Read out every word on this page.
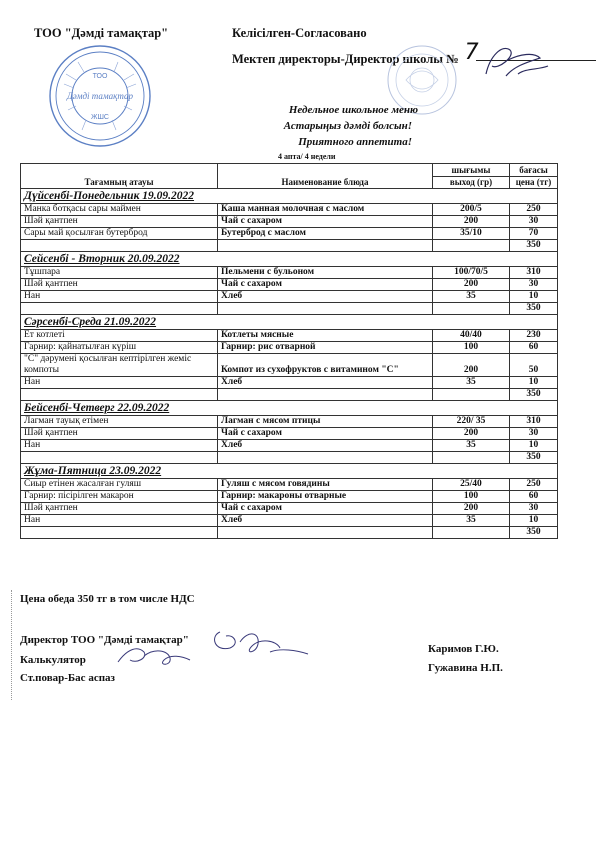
ТОО "Дәмді тамақтар"	Келісілген-Согласовано
Мектеп директоры-Директор школы № 7
ТОО
Дәмді тамақтар
ЖШС
Недельное школьное меню
Астарыңыз дәмді болсын!
Приятного аппетита!
4 апта/ 4 недели
Тағамның атауы	Наименование блюда	шығымы	бағасы
		выход (гр)	цена (тг)
Дүйсенбі-Понедельник 19.09.2022			
Манка ботқасы сары маймен	Каша манная молочная с маслом	200/5	250
Шәй қантпен	Чай с сахаром	200	30
Сары май қосылған бутерброд	Бутерброд с маслом	35/10	70
			350
Сейсенбі - Вторник 20.09.2022			
Тұшпара	Пельмени с бульоном	100/70/5	310
Шәй қантпен	Чай с сахаром	200	30
Нан	Хлеб	35	10
			350
Сәрсенбі-Среда 21.09.2022			
Ет котлеті	Котлеты мясные	40/40	230
Гарнир: қайнатылған күріш	Гарнир: рис отварной	100	60
"С" дәрумені қосылған кептірілген жеміс компоты	Компот из сухофруктов с витамином "С"	200	50
Нан	Хлеб	35	10
			350
Бейсенбі-Четверг 22.09.2022			
Лагман тауық етімен	Лагман с мясом птицы	220/ 35	310
Шәй қантпен	Чай с сахаром	200	30
Нан	Хлеб	35	10
			350
Жұма-Пятница 23.09.2022			
Сиыр етінен жасалған гуляш	Гуляш с мясом говядины	25/40	250
Гарнир: пісірілген макарон	Гарнир: макароны отварные	100	60
Шәй қантпен	Чай с сахаром	200	30
Нан	Хлеб	35	10
			350
Цена обеда 350 тг в том числе НДС
Директор ТОО "Дәмді тамақтар"
Калькулятор
Ст.повар-Бас аспаз
Каримов Г.Ю.
Гужавина Н.П.
